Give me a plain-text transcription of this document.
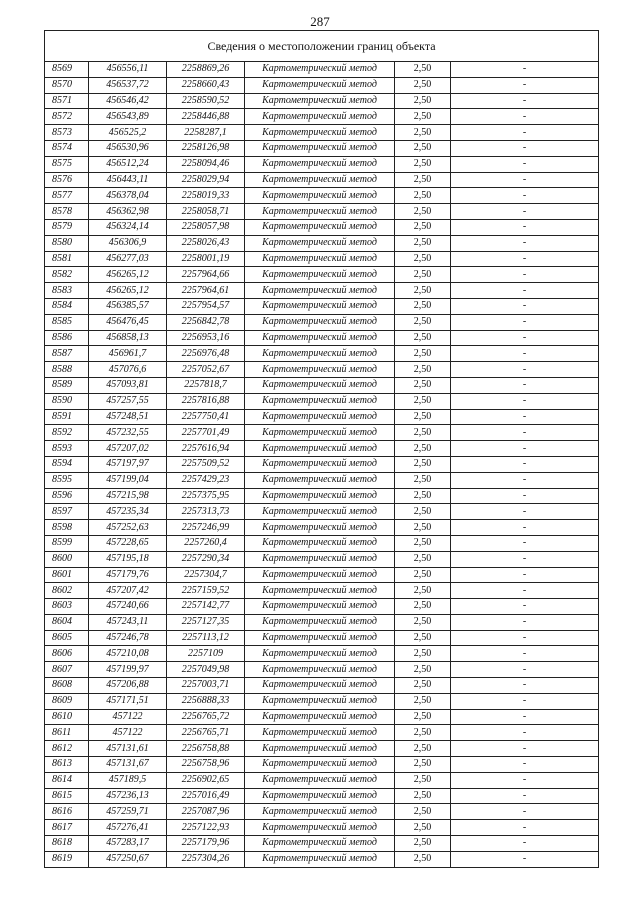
287
Сведения о местоположении границ объекта					
8569	456556,11	2258869,26	Картометрический метод	2,50	-
8570	456537,72	2258660,43	Картометрический метод	2,50	-
8571	456546,42	2258590,52	Картометрический метод	2,50	-
8572	456543,89	2258446,88	Картометрический метод	2,50	-
8573	456525,2	2258287,1	Картометрический метод	2,50	-
8574	456530,96	2258126,98	Картометрический метод	2,50	-
8575	456512,24	2258094,46	Картометрический метод	2,50	-
8576	456443,11	2258029,94	Картометрический метод	2,50	-
8577	456378,04	2258019,33	Картометрический метод	2,50	-
8578	456362,98	2258058,71	Картометрический метод	2,50	-
8579	456324,14	2258057,98	Картометрический метод	2,50	-
8580	456306,9	2258026,43	Картометрический метод	2,50	-
8581	456277,03	2258001,19	Картометрический метод	2,50	-
8582	456265,12	2257964,66	Картометрический метод	2,50	-
8583	456265,12	2257964,61	Картометрический метод	2,50	-
8584	456385,57	2257954,57	Картометрический метод	2,50	-
8585	456476,45	2256842,78	Картометрический метод	2,50	-
8586	456858,13	2256953,16	Картометрический метод	2,50	-
8587	456961,7	2256976,48	Картометрический метод	2,50	-
8588	457076,6	2257052,67	Картометрический метод	2,50	-
8589	457093,81	2257818,7	Картометрический метод	2,50	-
8590	457257,55	2257816,88	Картометрический метод	2,50	-
8591	457248,51	2257750,41	Картометрический метод	2,50	-
8592	457232,55	2257701,49	Картометрический метод	2,50	-
8593	457207,02	2257616,94	Картометрический метод	2,50	-
8594	457197,97	2257509,52	Картометрический метод	2,50	-
8595	457199,04	2257429,23	Картометрический метод	2,50	-
8596	457215,98	2257375,95	Картометрический метод	2,50	-
8597	457235,34	2257313,73	Картометрический метод	2,50	-
8598	457252,63	2257246,99	Картометрический метод	2,50	-
8599	457228,65	2257260,4	Картометрический метод	2,50	-
8600	457195,18	2257290,34	Картометрический метод	2,50	-
8601	457179,76	2257304,7	Картометрический метод	2,50	-
8602	457207,42	2257159,52	Картометрический метод	2,50	-
8603	457240,66	2257142,77	Картометрический метод	2,50	-
8604	457243,11	2257127,35	Картометрический метод	2,50	-
8605	457246,78	2257113,12	Картометрический метод	2,50	-
8606	457210,08	2257109	Картометрический метод	2,50	-
8607	457199,97	2257049,98	Картометрический метод	2,50	-
8608	457206,88	2257003,71	Картометрический метод	2,50	-
8609	457171,51	2256888,33	Картометрический метод	2,50	-
8610	457122	2256765,72	Картометрический метод	2,50	-
8611	457122	2256765,71	Картометрический метод	2,50	-
8612	457131,61	2256758,88	Картометрический метод	2,50	-
8613	457131,67	2256758,96	Картометрический метод	2,50	-
8614	457189,5	2256902,65	Картометрический метод	2,50	-
8615	457236,13	2257016,49	Картометрический метод	2,50	-
8616	457259,71	2257087,96	Картометрический метод	2,50	-
8617	457276,41	2257122,93	Картометрический метод	2,50	-
8618	457283,17	2257179,96	Картометрический метод	2,50	-
8619	457250,67	2257304,26	Картометрический метод	2,50	-
